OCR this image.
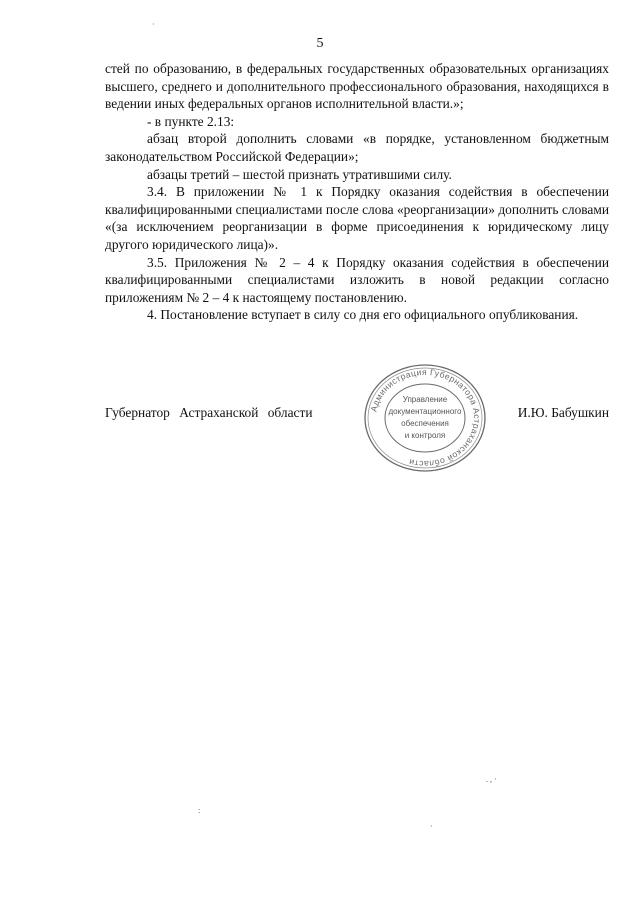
5

стей по образованию, в федеральных государственных образовательных организациях высшего, среднего и дополнительного профессионального образования, находящихся в ведении иных федеральных органов исполнительной власти.»;

- в пункте 2.13:

абзац второй дополнить словами «в порядке, установленном бюджетным законодательством Российской Федерации»;

абзацы третий – шестой признать утратившими силу.

3.4. В приложении № 1 к Порядку оказания содействия в обеспечении квалифицированными специалистами после слова «реорганизации» дополнить словами «(за исключением реорганизации в форме присоединения к юридическому лицу другого юридического лица)».

3.5. Приложения № 2 – 4 к Порядку оказания содействия в обеспечении квалифицированными специалистами изложить в новой редакции согласно приложениям № 2 – 4 к настоящему постановлению.

4. Постановление вступает в силу со дня его официального опубликования.

Губернатор Астраханской области	И.Ю. Бабушкин
Администрация Губернатора Астраханской области
Управление
документационного
обеспечения
и контроля
·
. , ·
:
·
